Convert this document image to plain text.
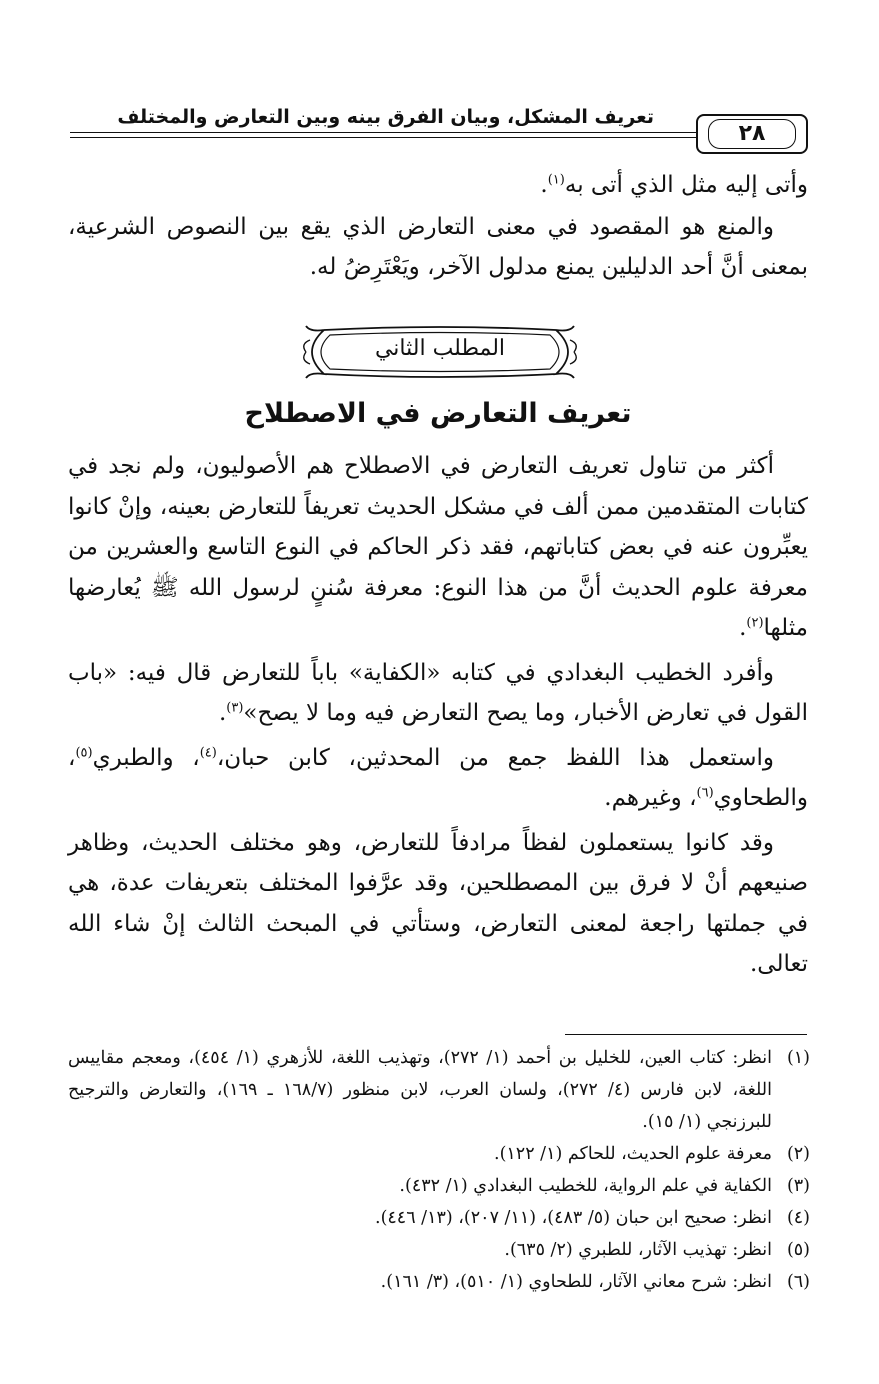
٢٨
تعريف المشكل، وبيان الفرق بينه وبين التعارض والمختلف

وأتى إليه مثل الذي أتى به$^{(١)}$.

والمنع هو المقصود في معنى التعارض الذي يقع بين النصوص الشرعية، بمعنى أنَّ أحد الدليلين يمنع مدلول الآخر، ويَعْتَرِضُ له.

المطلب الثاني
تعريف التعارض في الاصطلاح

أكثر من تناول تعريف التعارض في الاصطلاح هم الأصوليون، ولم نجد في كتابات المتقدمين ممن ألف في مشكل الحديث تعريفاً للتعارض بعينه، وإنْ كانوا يعبِّرون عنه في بعض كتاباتهم، فقد ذكر الحاكم في النوع التاسع والعشرين من معرفة علوم الحديث أنَّ من هذا النوع: معرفة سُننٍ لرسول الله ﷺ يُعارضها مثلها$^{(٢)}$.

وأفرد الخطيب البغدادي في كتابه «الكفاية» باباً للتعارض قال فيه: «باب القول في تعارض الأخبار، وما يصح التعارض فيه وما لا يصح»$^{(٣)}$.

واستعمل هذا اللفظ جمع من المحدثين، كابن حبان،$^{(٤)}$، والطبري$^{(٥)}$، والطحاوي$^{(٦)}$، وغيرهم.

وقد كانوا يستعملون لفظاً مرادفاً للتعارض، وهو مختلف الحديث، وظاهر صنيعهم أنْ لا فرق بين المصطلحين، وقد عرَّفوا المختلف بتعريفات عدة، هي في جملتها راجعة لمعنى التعارض، وستأتي في المبحث الثالث إنْ شاء الله تعالى.

(١)
انظر: كتاب العين، للخليل بن أحمد (١/ ٢٧٢)، وتهذيب اللغة، للأزهري (١/ ٤٥٤)، ومعجم مقاييس اللغة، لابن فارس (٤/ ٢٧٢)، ولسان العرب، لابن منظور (١٦٨/٧ ـ ١٦٩)، والتعارض والترجيح للبرزنجي (١/ ١٥).
(٢)
معرفة علوم الحديث، للحاكم (١/ ١٢٢).
(٣)
الكفاية في علم الرواية، للخطيب البغدادي (١/ ٤٣٢).
(٤)
انظر: صحيح ابن حبان (٥/ ٤٨٣)، (١١/ ٢٠٧)، (١٣/ ٤٤٦).
(٥)
انظر: تهذيب الآثار، للطبري (٢/ ٦٣٥).
(٦)
انظر: شرح معاني الآثار، للطحاوي (١/ ٥١٠)، (٣/ ١٦١).
